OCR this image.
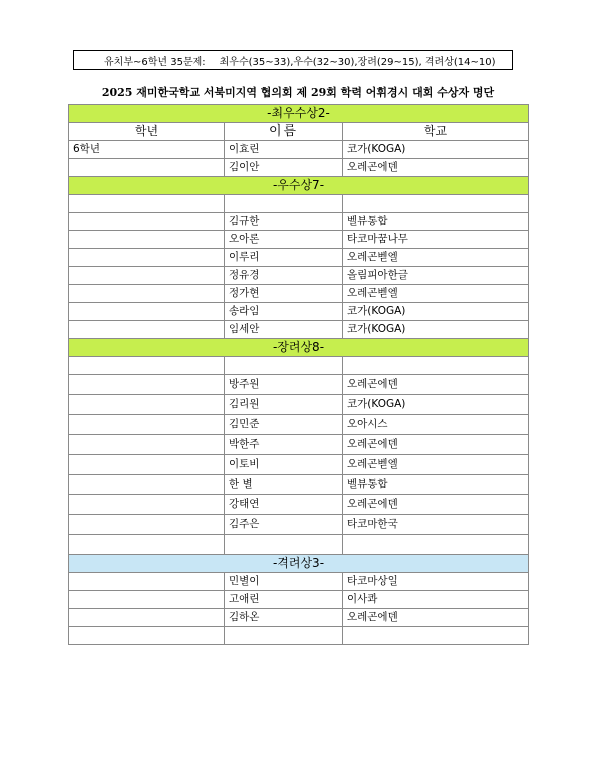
유치부~6학년 35문제: 최우수(35~33),우수(32~30),장려(29~15), 격려상(14~10)
2025 재미한국학교 서북미지역 협의회 제 29회 학력 어휘경시 대회 수상자 명단
-최우수상2-		
학년	이름	학교
6학년	이효린	코가(KOGA)
	김이안	오레곤에덴
-우수상7-		

	김규한	벨뷰통합
	오아론	타코마꿈나무
	이루리	오레곤벧엘
	정유경	올림피아한글
	정가현	오레곤벧엘
	송라임	코가(KOGA)
	임세안	코가(KOGA)
-장려상8-		

	방주원	오레곤에덴
	김리원	코가(KOGA)
	김민준	오아시스
	박한주	오레곤에덴
	이토비	오레곤벧엘
	한 별	벨뷰통합
	강태연	오레곤에덴
	김주은	타코마한국

-격려상3-		
	민별이	타코마상일
	고애린	이사콰
	김하온	오레곤에덴
